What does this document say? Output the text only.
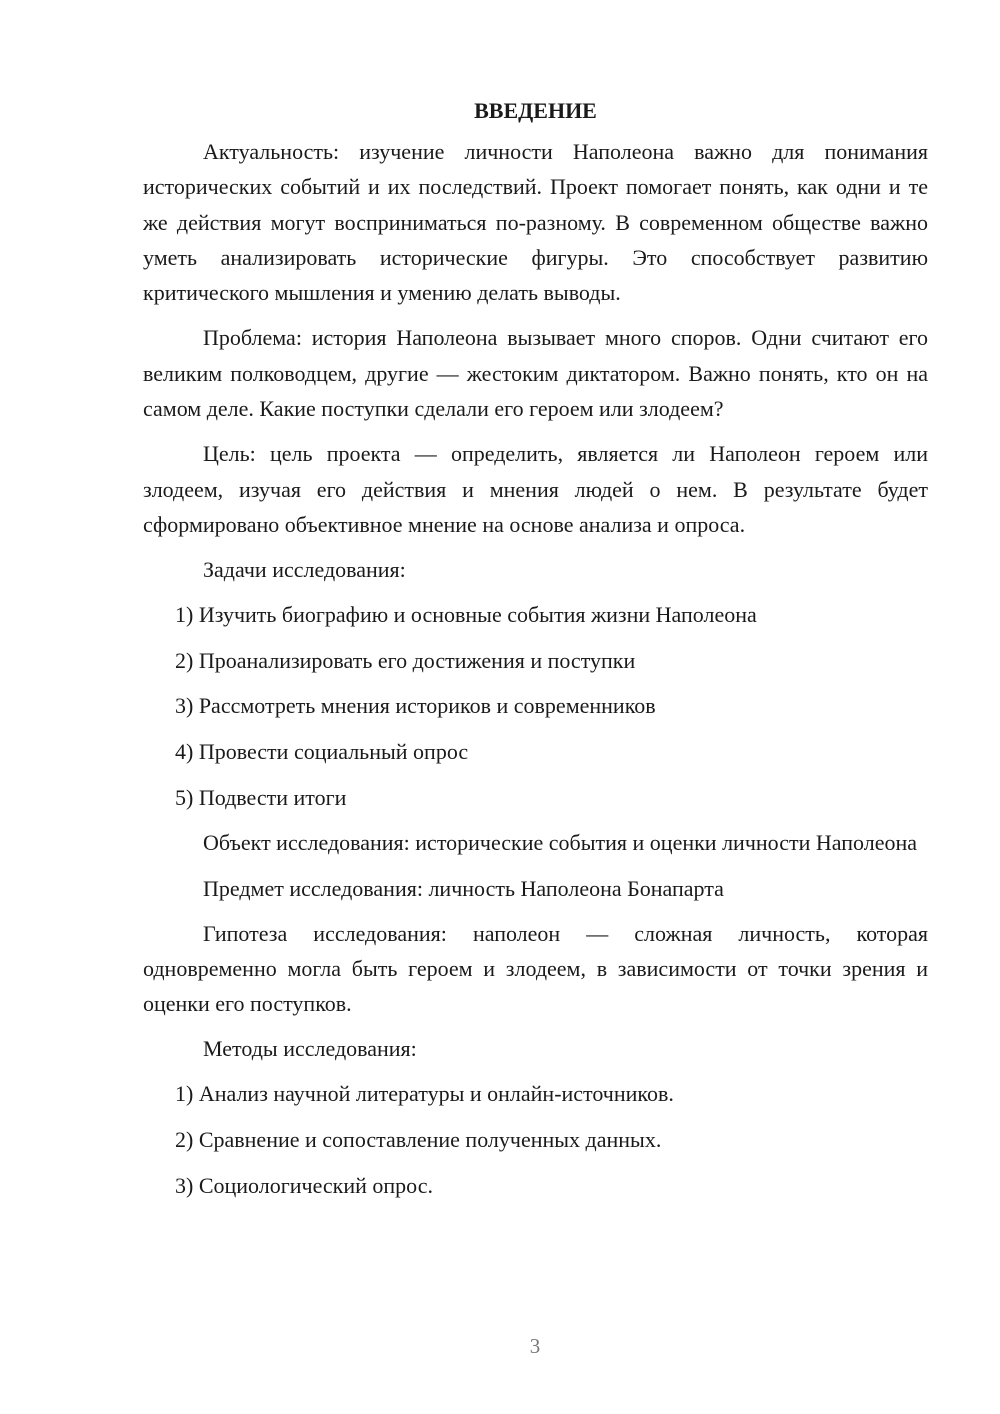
ВВЕДЕНИЕ

Актуальность: изучение личности Наполеона важно для понимания исторических событий и их последствий. Проект помогает понять, как одни и те же действия могут восприниматься по-разному. В современном обществе важно уметь анализировать исторические фигуры. Это способствует развитию критического мышления и умению делать выводы.

Проблема: история Наполеона вызывает много споров. Одни считают его великим полководцем, другие — жестоким диктатором. Важно понять, кто он на самом деле. Какие поступки сделали его героем или злодеем?

Цель: цель проекта — определить, является ли Наполеон героем или злодеем, изучая его действия и мнения людей о нем. В результате будет сформировано объективное мнение на основе анализа и опроса.

Задачи исследования:

1) Изучить биографию и основные события жизни Наполеона
2) Проанализировать его достижения и поступки
3) Рассмотреть мнения историков и современников
4) Провести социальный опрос
5) Подвести итоги

Объект исследования: исторические события и оценки личности Наполеона

Предмет исследования: личность Наполеона Бонапарта

Гипотеза исследования: наполеон — сложная личность, которая одновременно могла быть героем и злодеем, в зависимости от точки зрения и оценки его поступков.

Методы исследования:

1) Анализ научной литературы и онлайн-источников.
2) Сравнение и сопоставление полученных данных.
3) Социологический опрос.
3
